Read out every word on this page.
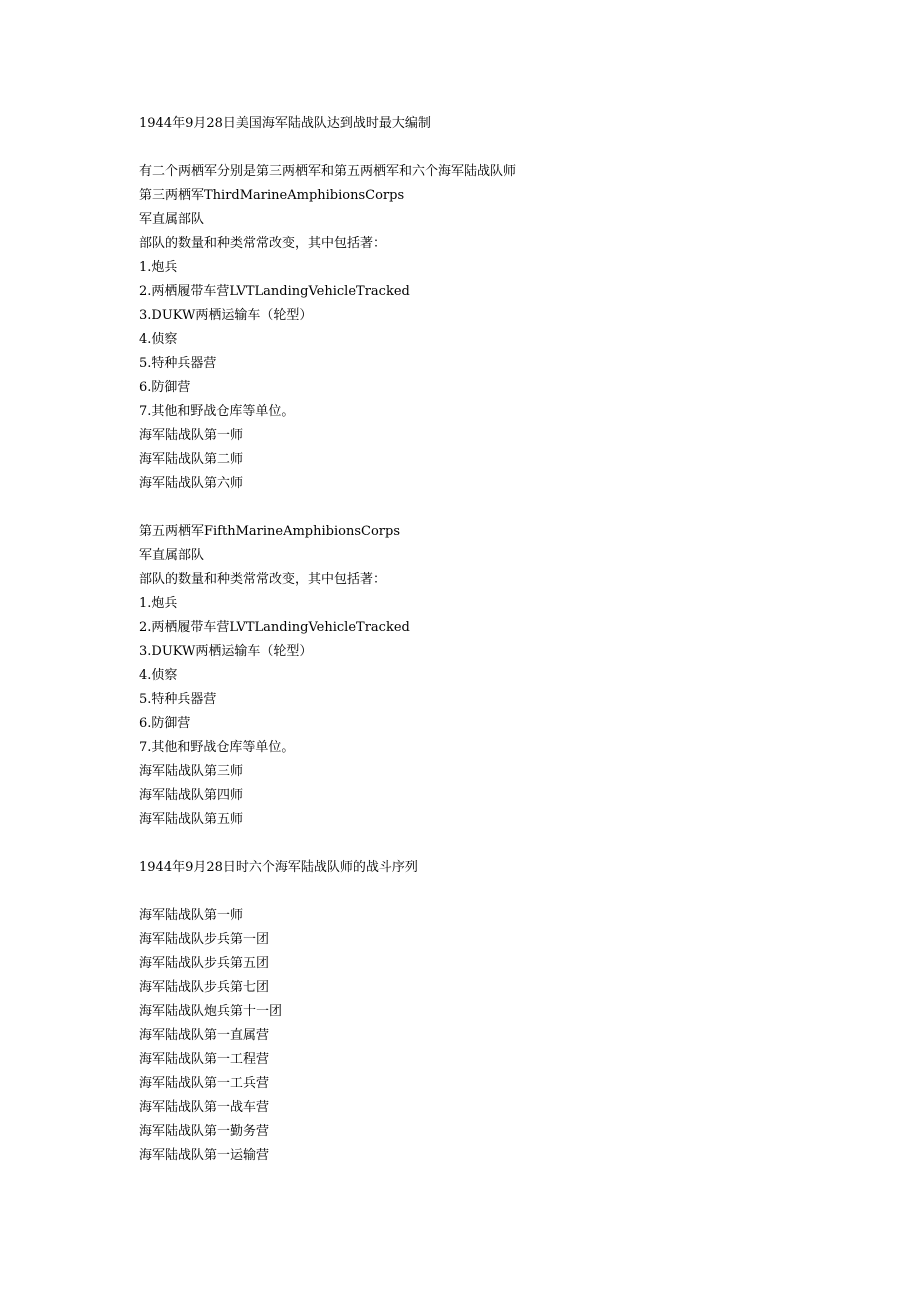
1944年9月28日美国海军陆战队达到战时最大编制
有二个两栖军分别是第三两栖军和第五两栖军和六个海军陆战队师
第三两栖军ThirdMarineAmphibionsCorps
军直属部队
部队的数量和种类常常改变，其中包括著：
1.炮兵
2.两栖履带车营LVTLandingVehicleTracked
3.DUKW两栖运输车（轮型）
4.侦察
5.特种兵器营
6.防御营
7.其他和野战仓库等单位。
海军陆战队第一师
海军陆战队第二师
海军陆战队第六师
第五两栖军FifthMarineAmphibionsCorps
军直属部队
部队的数量和种类常常改变，其中包括著：
1.炮兵
2.两栖履带车营LVTLandingVehicleTracked
3.DUKW两栖运输车（轮型）
4.侦察
5.特种兵器营
6.防御营
7.其他和野战仓库等单位。
海军陆战队第三师
海军陆战队第四师
海军陆战队第五师
1944年9月28日时六个海军陆战队师的战斗序列
海军陆战队第一师
海军陆战队步兵第一团
海军陆战队步兵第五团
海军陆战队步兵第七团
海军陆战队炮兵第十一团
海军陆战队第一直属营
海军陆战队第一工程营
海军陆战队第一工兵营
海军陆战队第一战车营
海军陆战队第一勤务营
海军陆战队第一运输营
